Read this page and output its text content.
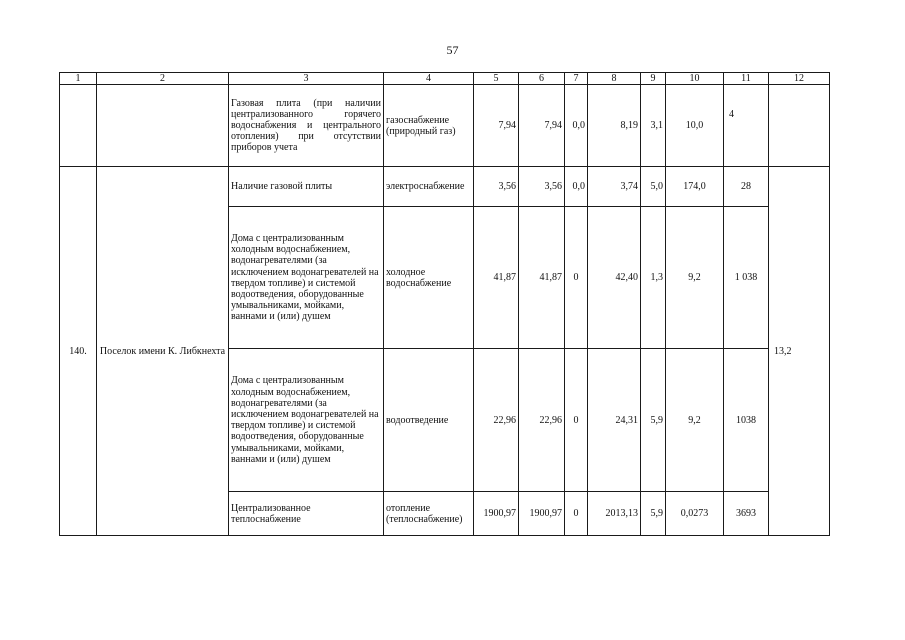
57
1	2	3	4	5	6	7	8	9	10	11	12
		Газовая плита (при наличии централизованного горячего водоснабжения и центрального отопления) при отсутствии приборов учета	газоснабжение (природный газ)	7,94	7,94	0,0	8,19	3,1	10,0	4	
140.	Поселок имени К. Либкнехта	Наличие газовой плиты	электроснабжение	3,56	3,56	0,0	3,74	5,0	174,0	28	13,2
		Дома с централизованным холодным водоснабжением, водонагревателями (за исключением водонагревателей на твердом топливе) и системой водоотведения, оборудованные умывальниками, мойками, ваннами и (или) душем	холодное водоснабжение	41,87	41,87	0	42,40	1,3	9,2	1 038	
		Дома с централизованным холодным водоснабжением, водонагревателями (за исключением водонагревателей на твердом топливе) и системой водоотведения, оборудованные умывальниками, мойками, ваннами и (или) душем	водоотведение	22,96	22,96	0	24,31	5,9	9,2	1038	
		Централизованное теплоснабжение	отопление (теплоснабжение)	1900,97	1900,97	0	2013,13	5,9	0,0273	3693	
